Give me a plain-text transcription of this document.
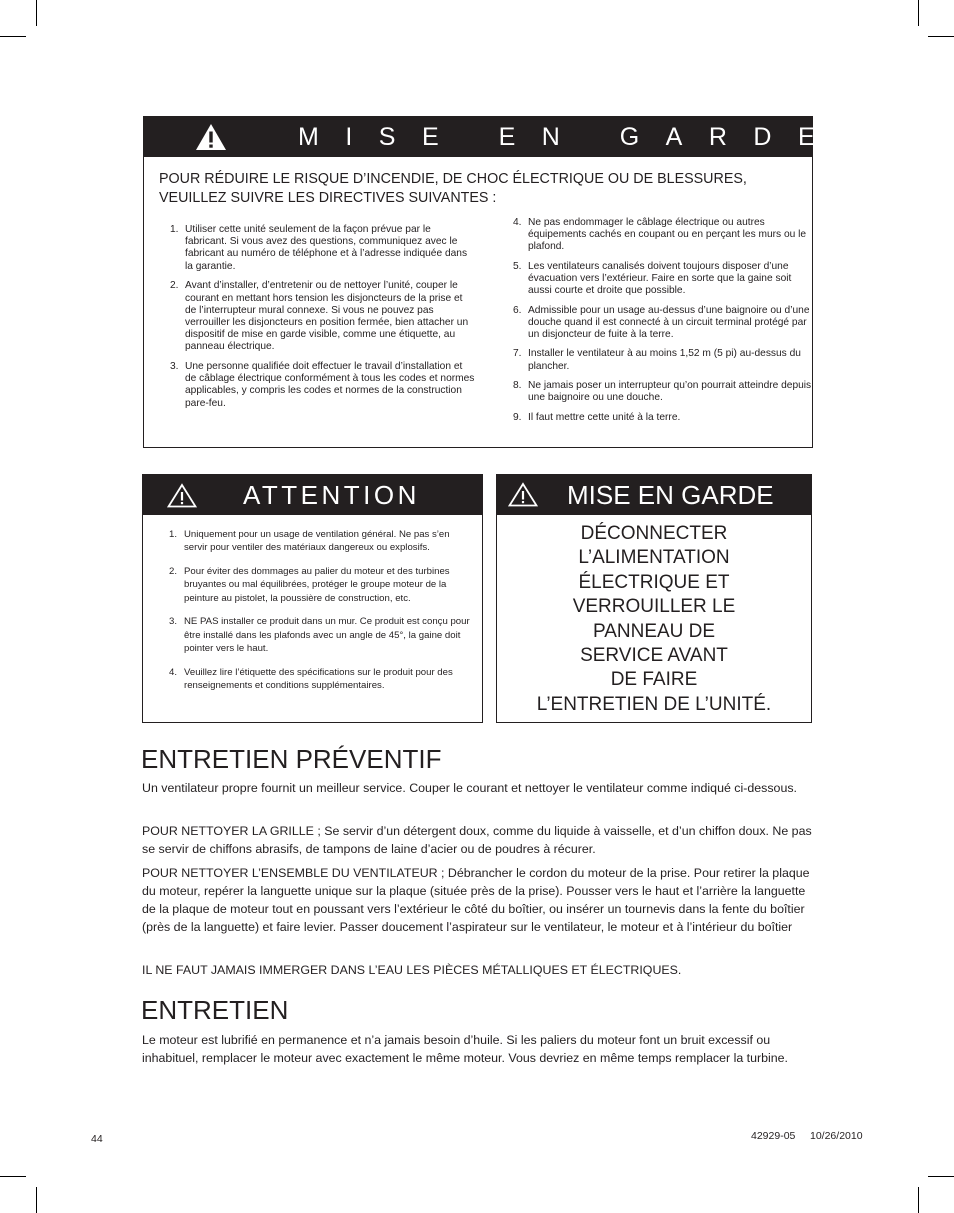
MISE EN GARDE
POUR RÉDUIRE LE RISQUE D’INCENDIE, DE CHOC ÉLECTRIQUE OU DE BLESSURES, VEUILLEZ SUIVRE LES DIRECTIVES SUIVANTES :
1. Utiliser cette unité seulement de la façon prévue par le fabricant. Si vous avez des questions, communiquez avec le fabricant au numéro de téléphone et à l’adresse indiquée dans la garantie.
2. Avant d’installer, d’entretenir ou de nettoyer l’unité, couper le courant en mettant hors tension les disjoncteurs de la prise et de l’interrupteur mural connexe. Si vous ne pouvez pas verrouiller les disjoncteurs en position fermée, bien attacher un dispositif de mise en garde visible, comme une étiquette, au panneau électrique.
3. Une personne qualifiée doit effectuer le travail d’installation et de câblage électrique conformément à tous les codes et normes applicables, y compris les codes et normes de la construction pare-feu.
4. Ne pas endommager le câblage électrique ou autres équipements cachés en coupant ou en perçant les murs ou le plafond.
5. Les ventilateurs canalisés doivent toujours disposer d’une évacuation vers l’extérieur. Faire en sorte que la gaine soit aussi courte et droite que possible.
6. Admissible pour un usage au-dessus d’une baignoire ou d’une douche quand il est connecté à un circuit terminal protégé par un disjoncteur de fuite à la terre.
7. Installer le ventilateur à au moins 1,52 m (5 pi) au-dessus du plancher.
8. Ne jamais poser un interrupteur qu’on pourrait atteindre depuis une baignoire ou une douche.
9. Il faut mettre cette unité à la terre.
ATTENTION
1. Uniquement pour un usage de ventilation général. Ne pas s’en servir pour ventiler des matériaux dangereux ou explosifs.
2. Pour éviter des dommages au palier du moteur et des turbines bruyantes ou mal équilibrées, protéger le groupe moteur de la peinture au pistolet, la poussière de construction, etc.
3. NE PAS installer ce produit dans un mur. Ce produit est conçu pour être installé dans les plafonds avec un angle de 45°, la gaine doit pointer vers le haut.
4. Veuillez lire l’étiquette des spécifications sur le produit pour des renseignements et conditions supplémentaires.
MISE EN GARDE
DÉCONNECTER
L’ALIMENTATION
ÉLECTRIQUE ET
VERROUILLER LE
PANNEAU DE
SERVICE AVANT
DE FAIRE
L’ENTRETIEN DE L’UNITÉ.
ENTRETIEN PRÉVENTIF

Un ventilateur propre fournit un meilleur service. Couper le courant et nettoyer le ventilateur comme indiqué ci-dessous.

POUR NETTOYER LA GRILLE ; Se servir d’un détergent doux, comme du liquide à vaisselle, et d’un chiffon doux. Ne pas se servir de chiffons abrasifs, de tampons de laine d’acier ou de poudres à récurer.

POUR NETTOYER L’ENSEMBLE DU VENTILATEUR ; Débrancher le cordon du moteur de la prise. Pour retirer la plaque du moteur, repérer la languette unique sur la plaque (située près de la prise). Pousser vers le haut et l’arrière la languette de la plaque de moteur tout en poussant vers l’extérieur le côté du boîtier, ou insérer un tournevis dans la fente du boîtier (près de la languette) et faire levier. Passer doucement l’aspirateur sur le ventilateur, le moteur et à l’intérieur du boîtier

IL NE FAUT JAMAIS IMMERGER DANS L’EAU LES PIÈCES MÉTALLIQUES ET ÉLECTRIQUES.

ENTRETIEN

Le moteur est lubrifié en permanence et n’a jamais besoin d’huile. Si les paliers du moteur font un bruit excessif ou inhabituel, remplacer le moteur avec exactement le même moteur. Vous devriez en même temps remplacer la turbine.

44	42929-05 10/26/2010
